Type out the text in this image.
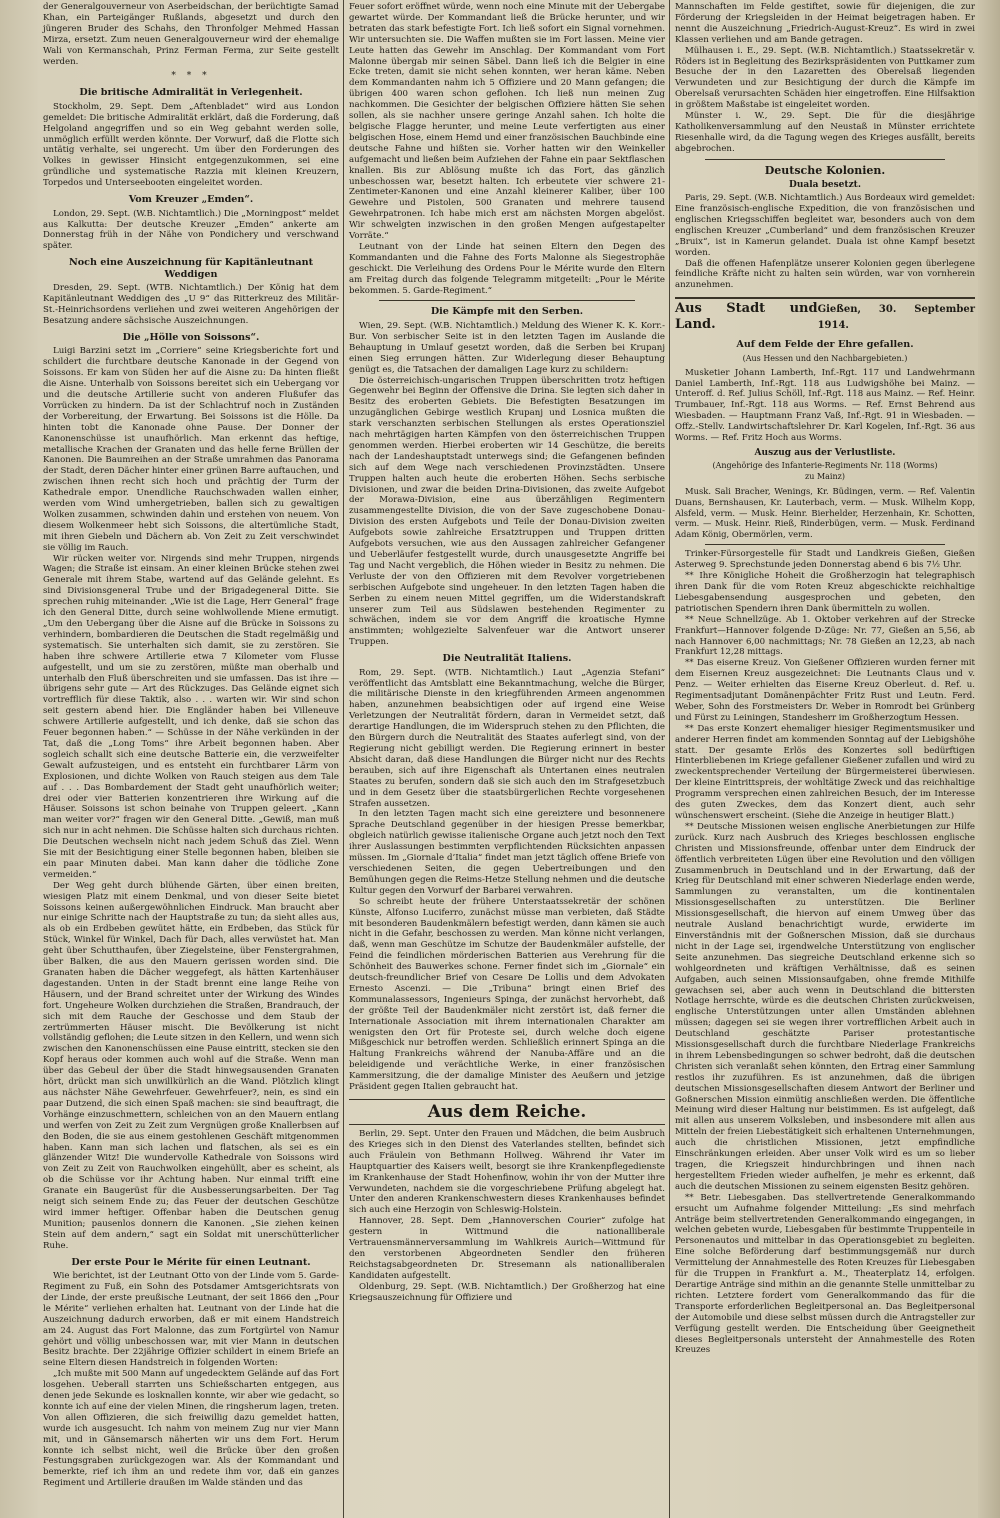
der Generalgouverneur von Aserbeidschan, der berüchtigte Samad Khan, ein Parteigänger Rußlands, abgesetzt und durch den jüngeren Bruder des Schahs, den Thronfolger Mehmed Hassan Mirza, ersetzt. Zum neuen Generalgouverneur wird der ehemalige Wali von Kermanschah, Prinz Ferman Ferma, zur Seite gestellt werden.

* * *

Die britische Admiralität in Verlegenheit.

Stockholm, 29. Sept. Dem „Aftenbladet“ wird aus London gemeldet: Die britische Admiralität erklärt, daß die Forderung, daß Helgoland angegriffen und so ein Weg gebahnt werden solle, unmöglich erfüllt werden könnte. Der Vorwurf, daß die Flotte sich untätig verhalte, sei ungerecht. Um über den Forderungen des Volkes in gewisser Hinsicht entgegenzukommen, sei eine gründliche und systematische Razzia mit kleinen Kreuzern, Torpedos und Unterseebooten eingeleitet worden.

Vom Kreuzer „Emden“.

London, 29. Sept. (W.B. Nichtamtlich.) Die „Morningpost“ meldet aus Kalkutta: Der deutsche Kreuzer „Emden“ ankerte am Donnerstag früh in der Nähe von Pondichery und verschwand später.

Noch eine Auszeichnung für Kapitänleutnant Weddigen

Dresden, 29. Sept. (WTB. Nichtamtlich.) Der König hat dem Kapitänleutnant Weddigen des „U 9“ das Ritterkreuz des Militär-St.-Heinrichsordens verliehen und zwei weiteren Angehörigen der Besatzung andere sächsische Auszeichnungen.

Die „Hölle von Soissons“.

Luigi Barzini setzt im „Corriere“ seine Kriegsberichte fort und schildert die furchtbare deutsche Kanonade in der Gegend von Soissons. Er kam von Süden her auf die Aisne zu: Da hinten fließt die Aisne. Unterhalb von Soissons bereitet sich ein Uebergang vor und die deutsche Artillerie sucht von anderen Flußufer das Vorrücken zu hindern. Da ist der Schlachtruf noch in Zuständen der Vorbereitung, der Erwartung. Bei Soissons ist die Hölle. Da hinten tobt die Kanonade ohne Pause. Der Donner der Kanonenschüsse ist unaufhörlich. Man erkennt das heftige, metallische Krachen der Granaten und das helle ferne Brüllen der Kanonen. Die Baumreihen an der Straße umrahmen das Panorama der Stadt, deren Dächer hinter einer grünen Barre auftauchen, und zwischen ihnen recht sich hoch und prächtig der Turm der Kathedrale empor. Unendliche Rauchschwaden wallen einher, werden vom Wind umhergetrieben, ballen sich zu gewaltigen Wolken zusammen, schwinden dahin und erstehen von neuem. Von diesem Wolkenmeer hebt sich Soissons, die altertümliche Stadt, mit ihren Giebeln und Dächern ab. Von Zeit zu Zeit verschwindet sie völlig im Rauch.

Wir rücken weiter vor. Nirgends sind mehr Truppen, nirgends Wagen; die Straße ist einsam. An einer kleinen Brücke stehen zwei Generale mit ihrem Stabe, wartend auf das Gelände gelehnt. Es sind Divisionsgeneral Trube und der Brigadegeneral Ditte. Sie sprechen ruhig miteinander. „Wie ist die Lage, Herr General“ frage ich den General Ditte, durch seine wohlwollende Miene ermutigt. „Um den Uebergang über die Aisne auf die Brücke in Soissons zu verhindern, bombardieren die Deutschen die Stadt regelmäßig und systematisch. Sie unterhalten sich damit, sie zu zerstören. Sie haben ihre schwere Artillerie etwa 7 Kilometer vom Flusse aufgestellt, und um sie zu zerstören, müßte man oberhalb und unterhalb den Fluß überschreiten und sie umfassen. Das ist ihre — übrigens sehr gute — Art des Rückzuges. Das Gelände eignet sich vortrefflich für diese Taktik, also . . . warten wir. Wir sind schon seit gestern abend hier. Die Engländer haben bei Villeneuve schwere Artillerie aufgestellt, und ich denke, daß sie schon das Feuer begonnen haben.“ — Schüsse in der Nähe verkünden in der Tat, daß die „Long Toms“ ihre Arbeit begonnen haben. Aber sogleich schallt sich eine deutsche Batterie ein, die verzweifelter Gewalt aufzusteigen, und es entsteht ein furchtbarer Lärm von Explosionen, und dichte Wolken von Rauch steigen aus dem Tale auf . . . Das Bombardement der Stadt geht unaufhörlich weiter; drei oder vier Batterien konzentrieren ihre Wirkung auf die Häuser. Soissons ist schon beinahe von Truppen geleert. „Kann man weiter vor?“ fragen wir den General Ditte. „Gewiß, man muß sich nur in acht nehmen. Die Schüsse halten sich durchaus richten. Die Deutschen wechseln nicht nach jedem Schuß das Ziel. Wenn Sie mit der Besichtigung einer Stelle begonnen haben, bleiben sie ein paar Minuten dabei. Man kann daher die tödliche Zone vermeiden.“

Der Weg geht durch blühende Gärten, über einen breiten, wiesigen Platz mit einem Denkmal, und von dieser Seite bietet Soissons keinen außergewöhnlichen Eindruck. Man braucht aber nur einige Schritte nach der Hauptstraße zu tun; da sieht alles aus, als ob ein Erdbeben gewütet hätte, ein Erdbeben, das Stück für Stück, Winkel für Winkel, Dach für Dach, alles verwüstet hat. Man geht über Schutthaufen, über Ziegelsteine, über Fenstergrahmen, über Balken, die aus den Mauern gerissen worden sind. Die Granaten haben die Dächer weggefegt, als hätten Kartenhäuser dagestanden. Unten in der Stadt brennt eine lange Reihe von Häusern, und der Brand schreitet unter der Wirkung des Windes fort. Ungeheure Wolken durchziehen die Straßen, Brandrauch, der sich mit dem Rauche der Geschosse und dem Staub der zertrümmerten Häuser mischt. Die Bevölkerung ist nicht vollständig geflohen; die Leute sitzen in den Kellern, und wenn sich zwischen den Kanonenschüssen eine Pause eintritt, stecken sie den Kopf heraus oder kommen auch wohl auf die Straße. Wenn man über das Gebeul der über die Stadt hinwegsausenden Granaten hört, drückt man sich unwillkürlich an die Wand. Plötzlich klingt aus nächster Nähe Gewehrfeuer. Gewehrfeuer?, nein, es sind ein paar Dutzend, die sich einen Spaß machen: sie sind beauftragt, die Vorhänge einzuschmettern, schleichen von an den Mauern entlang und werfen von Zeit zu Zeit zum Vergnügen große Knallerbsen auf den Boden, die sie aus einem gestohlenen Geschäft mitgenommen haben. Kann man sich lachen und flatschen, als sei es ein glänzender Witz! Die wundervolle Kathedrale von Soissons wird von Zeit zu Zeit von Rauchwolken eingehüllt, aber es scheint, als ob die Schüsse vor ihr Achtung haben. Nur einmal trifft eine Granate ein Baugerüst für die Ausbesserungsarbeiten. Der Tag neigt sich seinem Ende zu; das Feuer der deutschen Geschütze wird immer heftiger. Offenbar haben die Deutschen genug Munition; pausenlos donnern die Kanonen. „Sie ziehen keinen Stein auf dem andern,“ sagt ein Soldat mit unerschütterlicher Ruhe.

Der erste Pour le Mérite für einen Leutnant.

Wie berichtet, ist der Leutnant Otto von der Linde vom 5. Garde-Regiment zu Fuß, ein Sohn des Potsdamer Amtsgerichtsrats von der Linde, der erste preußische Leutnant, der seit 1866 den „Pour le Mérite“ verliehen erhalten hat. Leutnant von der Linde hat die Auszeichnung dadurch erworben, daß er mit einem Handstreich am 24. August das Fort Malonne, das zum Fortgürtel von Namur gehört und völlig unbeschossen war, mit vier Mann in deutschen Besitz brachte. Der 22jährige Offizier schildert in einem Briefe an seine Eltern diesen Handstreich in folgenden Worten:

„Ich mußte mit 500 Mann auf ungedecktem Gelände auf das Fort losgehen. Ueberall starrten uns Schießscharten entgegen, aus denen jede Sekunde es losknallen konnte, wir aber wie gedacht, so konnte ich auf eine der vielen Minen, die ringsherum lagen, treten. Von allen Offizieren, die sich freiwillig dazu gemeldet hatten, wurde ich ausgesucht. Ich nahm von meinem Zug nur vier Mann mit, und in Gänsemarsch näherten wir uns dem Fort. Herum konnte ich selbst nicht, weil die Brücke über den großen Festungsgraben zurückgezogen war. Als der Kommandant und bemerkte, rief ich ihm an und redete ihm vor, daß ein ganzes Regiment und Artillerie draußen im Walde ständen und das

Feuer sofort eröffnet würde, wenn noch eine Minute mit der Uebergabe gewartet würde. Der Kommandant ließ die Brücke herunter, und wir betraten das stark befestigte Fort. Ich ließ sofort ein Signal vornehmen. Wir untersuchten sie. Die Waffen mußten sie im Fort lassen. Meine vier Leute hatten das Gewehr im Anschlag. Der Kommandant vom Fort Malonne übergab mir seinen Säbel. Dann ließ ich die Belgier in eine Ecke treten, damit sie nicht sehen konnten, wer heran käme. Neben dem Kommandanten nahm ich 5 Offiziere und 20 Mann gefangen; die übrigen 400 waren schon geflohen. Ich ließ nun meinen Zug nachkommen. Die Gesichter der belgischen Offiziere hätten Sie sehen sollen, als sie nachher unsere geringe Anzahl sahen. Ich holte die belgische Flagge herunter, und meine Leute verfertigten aus einer belgischen Hose, einem Hemd und einer französischen Bauchbinde eine deutsche Fahne und hißten sie. Vorher hatten wir den Weinkeller aufgemacht und ließen beim Aufziehen der Fahne ein paar Sektflaschen knallen. Bis zur Ablösung mußte ich das Fort, das gänzlich unbeschossen war, besetzt halten. Ich erbeutete vier schwere 21-Zentimeter-Kanonen und eine Anzahl kleinerer Kaliber, über 100 Gewehre und Pistolen, 500 Granaten und mehrere tausend Gewehrpatronen. Ich habe mich erst am nächsten Morgen abgelöst. Wir schwelgten inzwischen in den großen Mengen aufgestapelter Vorräte.“

Leutnant von der Linde hat seinen Eltern den Degen des Kommandanten und die Fahne des Forts Malonne als Siegestrophäe geschickt. Die Verleihung des Ordens Pour le Mérite wurde den Eltern am Freitag durch das folgende Telegramm mitgeteilt: „Pour le Mérite bekommen. 5. Garde-Regiment.“

Die Kämpfe mit den Serben.

Wien, 29. Sept. (W.B. Nichtamtlich.) Meldung des Wiener K. K. Korr.-Bur. Von serbischer Seite ist in den letzten Tagen im Auslande die Behauptung in Umlauf gesetzt worden, daß die Serben bei Krupanj einen Sieg errungen hätten. Zur Widerlegung dieser Behauptung genügt es, die Tatsachen der damaligen Lage kurz zu schildern:

Die österreichisch-ungarischen Truppen überschritten trotz heftigen Gegenwehr bei Beginn der Offensive die Drina. Sie legten sich daher in Besitz des eroberten Gebiets. Die Befestigten Besatzungen im unzugänglichen Gebirge westlich Krupanj und Losnica mußten die stark verschanzten serbischen Stellungen als erstes Operationsziel nach mehrtägigen harten Kämpfen von den österreichischen Truppen genommen werden. Hierbei eroberten wir 14 Geschütze, die bereits nach der Landeshauptstadt unterwegs sind; die Gefangenen befinden sich auf dem Wege nach verschiedenen Provinzstädten. Unsere Truppen halten auch heute die eroberten Höhen. Sechs serbische Divisionen, und zwar die beiden Drina-Divisionen, das zweite Aufgebot der Morawa-Division, eine aus überzähligen Regimentern zusammengestellte Division, die von der Save zugeschobene Donau-Division des ersten Aufgebots und Teile der Donau-Division zweiten Aufgebots sowie zahlreiche Ersatztruppen und Truppen dritten Aufgebots versuchen, wie aus den Aussagen zahlreicher Gefangener und Ueberläufer festgestellt wurde, durch unausgesetzte Angriffe bei Tag und Nacht vergeblich, die Höhen wieder in Besitz zu nehmen. Die Verluste der von den Offizieren mit dem Revolver vorgetriebenen serbischen Aufgebote sind ungeheuer. In den letzten Tagen haben die Serben zu einem neuen Mittel gegriffen, um die Widerstandskraft unserer zum Teil aus Südslawen bestehenden Regimenter zu schwächen, indem sie vor dem Angriff die kroatische Hymne anstimmten; wohlgezielte Salvenfeuer war die Antwort unserer Truppen.

Die Neutralität Italiens.

Rom, 29. Sept. (WTB. Nichtamtlich.) Laut „Agenzia Stefani“ veröffentlicht das Amtsblatt eine Bekanntmachung, welche die Bürger, die militärische Dienste in den kriegführenden Armeen angenommen haben, anzunehmen beabsichtigen oder auf irgend eine Weise Verletzungen der Neutralität fördern, daran in Vermeidet setzt, daß derartige Handlungen, die im Widerspruch stehen zu den Pflichten, die den Bürgern durch die Neutralität des Staates auferlegt sind, von der Regierung nicht gebilligt werden. Die Regierung erinnert in bester Absicht daran, daß diese Handlungen die Bürger nicht nur des Rechts berauben, sich auf ihre Eigenschaft als Untertanen eines neutralen Staates zu berufen, sondern daß sie sich auch den im Strafgesetzbuch und in dem Gesetz über die staatsbürgerlichen Rechte vorgesehenen Strafen aussetzen.

In den letzten Tagen macht sich eine gereiztere und besonnenere Sprache Deutschland gegenüber in der hiesigen Presse bemerkbar, obgleich natürlich gewisse italienische Organe auch jetzt noch den Text ihrer Auslassungen bestimmten verpflichtenden Rücksichten anpassen müssen. Im „Giornale d’Italia“ findet man jetzt täglich offene Briefe von verschiedenen Seiten, die gegen Uebertreibungen und den Bemühungen gegen die Reims-Hetze Stellung nehmen und die deutsche Kultur gegen den Vorwurf der Barbarei verwahren.

So schreibt heute der frühere Unterstaatssekretär der schönen Künste, Alfonso Luciferro, zunächst müsse man verbieten, daß Städte mit besonderen Baudenkmälern befestigt werden, dann kämen sie auch nicht in die Gefahr, beschossen zu werden. Man könne nicht verlangen, daß, wenn man Geschütze im Schutze der Baudenkmäler aufstelle, der Feind die feindlichen mörderischen Batterien aus Verehrung für die Schönheit des Bauwerkes schone. Ferner findet sich im „Giornale“ ein deutsch-freundlicher Brief von Cesare De Lollis und dem Advokaten Ernesto Ascenzi. — Die „Tribuna“ bringt einen Brief des Kommunalassessors, Ingenieurs Spinga, der zunächst hervorhebt, daß der größte Teil der Baudenkmäler nicht zerstört ist, daß ferner die Internationale Association mit ihrem internationalen Charakter am wenigsten den Ort für Proteste sei, durch welche doch eigene Mißgeschick nur betroffen werden. Schließlich erinnert Spinga an die Haltung Frankreichs während der Nanuba-Affäre und an die beleidigende und verächtliche Werke, in einer französischen Kammersitzung, die der damalige Minister des Aeußern und jetzige Präsident gegen Italien gebraucht hat.

Aus dem Reiche.

Berlin, 29. Sept. Unter den Frauen und Mädchen, die beim Ausbruch des Krieges sich in den Dienst des Vaterlandes stellten, befindet sich auch Fräulein von Bethmann Hollweg. Während ihr Vater im Hauptquartier des Kaisers weilt, besorgt sie ihre Krankenpflegedienste im Krankenhause der Stadt Hohenfinow, wohin ihr von der Mutter ihre Verwundeten, nachdem sie die vorgeschriebene Prüfung abgelegt hat. Unter den anderen Krankenschwestern dieses Krankenhauses befindet sich auch eine Herzogin von Schleswig-Holstein.

Hannover, 28. Sept. Dem „Hannoverschen Courier“ zufolge hat gestern in Wittmund die nationalliberale Vertrauensmännerversammlung im Wahlkreis Aurich—Wittmund für den verstorbenen Abgeordneten Sendler den früheren Reichstagsabgeordneten Dr. Stresemann als nationalliberalen Kandidaten aufgestellt.

Oldenburg, 29. Sept. (W.B. Nichtamtlich.) Der Großherzog hat eine Kriegsauszeichnung für Offiziere und

Mannschaften im Felde gestiftet, sowie für diejenigen, die zur Förderung der Kriegsleiden in der Heimat beigetragen haben. Er nennt die Auszeichnung „Friedrich-August-Kreuz“. Es wird in zwei Klassen verliehen und am Bande getragen.

Mülhausen i. E., 29. Sept. (W.B. Nichtamtlich.) Staatssekretär v. Röders ist in Begleitung des Bezirkspräsidenten von Puttkamer zum Besuche der in den Lazaretten des Oberelsaß liegenden Verwundeten und zur Besichtigung der durch die Kämpfe im Oberelsaß verursachten Schäden hier eingetroffen. Eine Hilfsaktion in größtem Maßstabe ist eingeleitet worden.

Münster i. W., 29. Sept. Die für die diesjährige Katholikenversammlung auf den Neustaß in Münster errichtete Riesenhalle wird, da die Tagung wegen des Krieges ausfällt, bereits abgebrochen.

Deutsche Kolonien.

Duala besetzt.

Paris, 29. Sept. (W.B. Nichtamtlich.) Aus Bordeaux wird gemeldet: Eine französisch-englische Expedition, die von französischen und englischen Kriegsschiffen begleitet war, besonders auch von dem englischen Kreuzer „Cumberland“ und dem französischen Kreuzer „Bruix“, ist in Kamerun gelandet. Duala ist ohne Kampf besetzt worden.

Daß die offenen Hafenplätze unserer Kolonien gegen überlegene feindliche Kräfte nicht zu halten sein würden, war von vornherein anzunehmen.

Aus Stadt und Land.
Gießen, 30. September 1914.

Auf dem Felde der Ehre gefallen.

(Aus Hessen und den Nachbargebieten.)

Musketier Johann Lamberth, Inf.-Rgt. 117 und Landwehrmann Daniel Lamberth, Inf.-Rgt. 118 aus Ludwigshöhe bei Mainz. — Unteroff. d. Ref. Julius Schöll, Inf.-Rgt. 118 aus Mainz. — Ref. Heinr. Trumbauer, Inf.-Rgt. 118 aus Worms. — Ref. Ernst Behrend aus Wiesbaden. — Hauptmann Franz Vaß, Inf.-Rgt. 91 in Wiesbaden. — Offz.-Stellv. Landwirtschaftslehrer Dr. Karl Kogelen, Inf.-Rgt. 36 aus Worms. — Ref. Fritz Hoch aus Worms.

Auszug aus der Verlustliste.

(Angehörige des Infanterie-Regiments Nr. 118 (Worms)

zu Mainz)

Musk. Sali Bracher, Wenings, Kr. Büdingen, verm. — Ref. Valentin Duans, Bernshausen, Kr. Lauterbach, verm. — Musk. Wilhelm Kopp, Alsfeld, verm. — Musk. Heinr. Bierhelder, Herzenhain, Kr. Schotten, verm. — Musk. Heinr. Rieß, Rinderbügen, verm. — Musk. Ferdinand Adam König, Obermörlen, verm.

Trinker-Fürsorgestelle für Stadt und Landkreis Gießen, Gießen Asterweg 9. Sprechstunde jeden Donnerstag abend 6 bis 7½ Uhr.

** Ihre Königliche Hoheit die Großherzogin hat telegraphisch ihren Dank für die vom Roten Kreuz abgeschickte reichhaltige Liebesgabensendung ausgesprochen und gebeten, den patriotischen Spendern ihren Dank übermitteln zu wollen.

** Neue Schnellzüge. Ab 1. Oktober verkehren auf der Strecke Frankfurt—Hannover folgende D-Züge: Nr. 77, Gießen an 5,56, ab nach Hannover 6,00 nachmittags; Nr. 78 Gießen an 12,23, ab nach Frankfurt 12,28 mittags.

** Das eiserne Kreuz. Von Gießener Offizieren wurden ferner mit dem Eisernen Kreuz ausgezeichnet: Die Leutnants Claus und v. Penz. — Weiter erhielten das Eiserne Kreuz Oberleut. d. Ref. u. Regimentsadjutant Domänenpächter Fritz Rust und Leutn. Ferd. Weber, Sohn des Forstmeisters Dr. Weber in Romrodt bei Grünberg und Fürst zu Leiningen, Standesherr im Großherzogtum Hessen.

** Das erste Konzert ehemaliger hiesiger Regimentsmusiker und anderer Herren findet am kommenden Sonntag auf der Liebigshöhe statt. Der gesamte Erlös des Konzertes soll bedürftigen Hinterbliebenen im Kriege gefallener Gießener zufallen und wird zu zweckentsprechender Verteilung der Bürgermeisterei überwiesen. Der kleine Eintrittspreis, der wohltätige Zweck und das reichhaltige Programm versprechen einen zahlreichen Besuch, der im Interesse des guten Zweckes, dem das Konzert dient, auch sehr wünschenswert erscheint. (Siehe die Anzeige in heutiger Blatt.)

** Deutsche Missionen weisen englische Anerbietungen zur Hilfe zurück. Kurz nach Ausbruch des Krieges beschlossen englische Christen und Missionsfreunde, offenbar unter dem Eindruck der öffentlich verbreiteten Lügen über eine Revolution und den völligen Zusammenbruch in Deutschland und in der Erwartung, daß der Krieg für Deutschland mit einer schweren Niederlage enden werde, Sammlungen zu veranstalten, um die kontinentalen Missionsgesellschaften zu unterstützen. Die Berliner Missionsgesellschaft, die hiervon auf einem Umweg über das neutrale Ausland benachrichtigt wurde, erwiderte im Einverständnis mit der Goßnerschen Mission, daß sie durchaus nicht in der Lage sei, irgendwelche Unterstützung von englischer Seite anzunehmen. Das siegreiche Deutschland erkenne sich so wohlgeordneten und kräftigen Verhältnisse, daß es seinen Aufgaben, auch seinen Missionsaufgaben, ohne fremde Mithilfe gewachsen sei, aber auch wenn in Deutschland die bittersten Notlage herrschte, würde es die deutschen Christen zurückweisen, englische Unterstützungen unter allen Umständen ablehnen müssen; dagegen sei sie wegen ihrer vortrefflichen Arbeit auch in Deutschland geschätzte Pariser protestantische Missionsgesellschaft durch die furchtbare Niederlage Frankreichs in ihrem Lebensbedingungen so schwer bedroht, daß die deutschen Christen sich veranlaßt sehen könnten, den Ertrag einer Sammlung restlos ihr zuzuführen. Es ist anzunehmen, daß die übrigen deutschen Missionsgesellschaften diesem Antwort der Berliner und Goßnerschen Mission einmütig anschließen werden. Die öffentliche Meinung wird dieser Haltung nur beistimmen. Es ist aufgelegt, daß mit allen aus unserem Volksleben, und insbesondere mit allen aus Mitteln der freien Liebestätigkeit sich erhaltenen Unternehmungen, auch die christlichen Missionen, jetzt empfindliche Einschränkungen erleiden. Aber unser Volk wird es um so lieber tragen, die Kriegszeit hindurchbringen und ihnen nach hergestelltem Frieden wieder aufhelfen, je mehr es erkennt, daß auch die deutschen Missionen zu seinem eigensten Besitz gehören.

** Betr. Liebesgaben. Das stellvertretende Generalkommando ersucht um Aufnahme folgender Mitteilung: „Es sind mehrfach Anträge beim stellvertretenden Generalkommando eingegangen, in welchen gebeten wurde, Liebesgaben für bestimmte Truppenteile in Personenautos und mittelbar in das Operationsgebiet zu begleiten. Eine solche Beförderung darf bestimmungsgemäß nur durch Vermittelung der Annahmestelle des Roten Kreuzes für Liebesgaben für die Truppen in Frankfurt a. M., Theaterplatz 14, erfolgen. Derartige Anträge sind mithin an die genannte Stelle unmittelbar zu richten. Letztere fordert vom Generalkommando das für die Transporte erforderlichen Begleitpersonal an. Das Begleitpersonal der Automobile und diese selbst müssen durch die Antragsteller zur Verfügung gestellt werden. Die Entscheidung über Geeignetheit dieses Begleitpersonals untersteht der Annahmestelle des Roten Kreuzes
